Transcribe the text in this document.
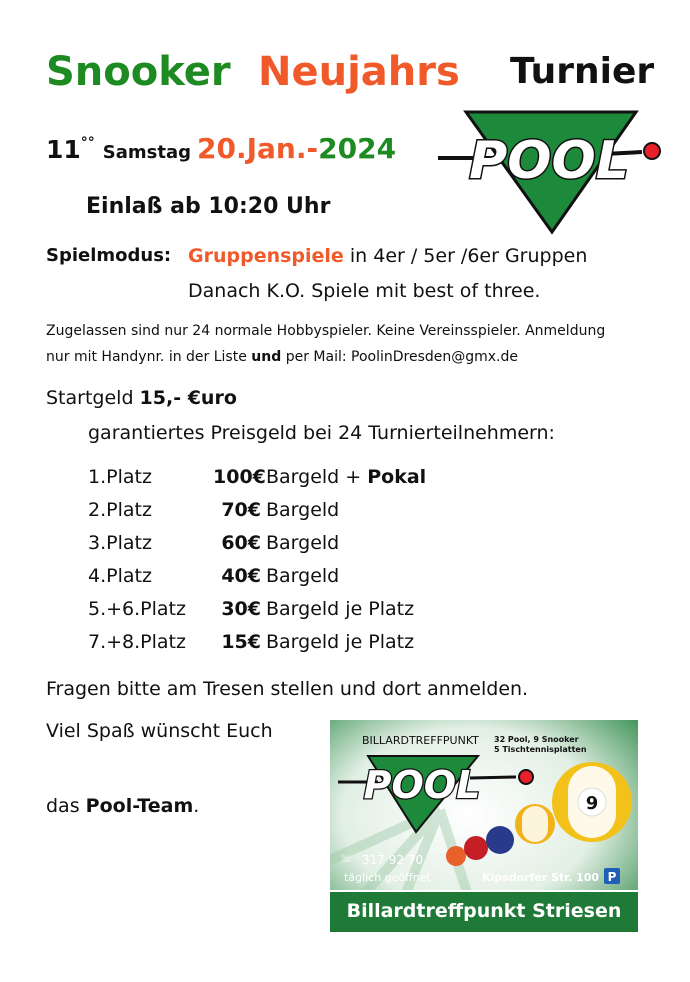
Snooker Neujahrs Turnier
11°° Samstag 20.Jan.-2024 POOL
Einlaß ab 10:20 Uhr
Spielmodus: Gruppenspiele in 4er / 5er /6er Gruppen
Danach K.O. Spiele mit best of three.
Zugelassen sind nur 24 normale Hobbyspieler. Keine Vereinsspieler. Anmeldung
nur mit Handynr. in der Liste und per Mail: PoolinDresden@gmx.de
Startgeld 15,- €uro
garantiertes Preisgeld bei 24 Turnierteilnehmern:
1.Platz	100€ Bargeld + Pokal
2.Platz	70€ Bargeld
3.Platz	60€ Bargeld
4.Platz	40€ Bargeld
5.+6.Platz	30€ Bargeld je Platz
7.+8.Platz	15€ Bargeld je Platz
Fragen bitte am Tresen stellen und dort anmelden.
Viel Spaß wünscht Euch
das Pool-Team.
BILLARDTREFFPUNKT 32 Pool, 9 Snooker
5 Tischtennisplatten
POOL	9
☏ 317 92 70
täglich geöffnet	Kipsdorfer Str. 100 P
Billardtreffpunkt Striesen
